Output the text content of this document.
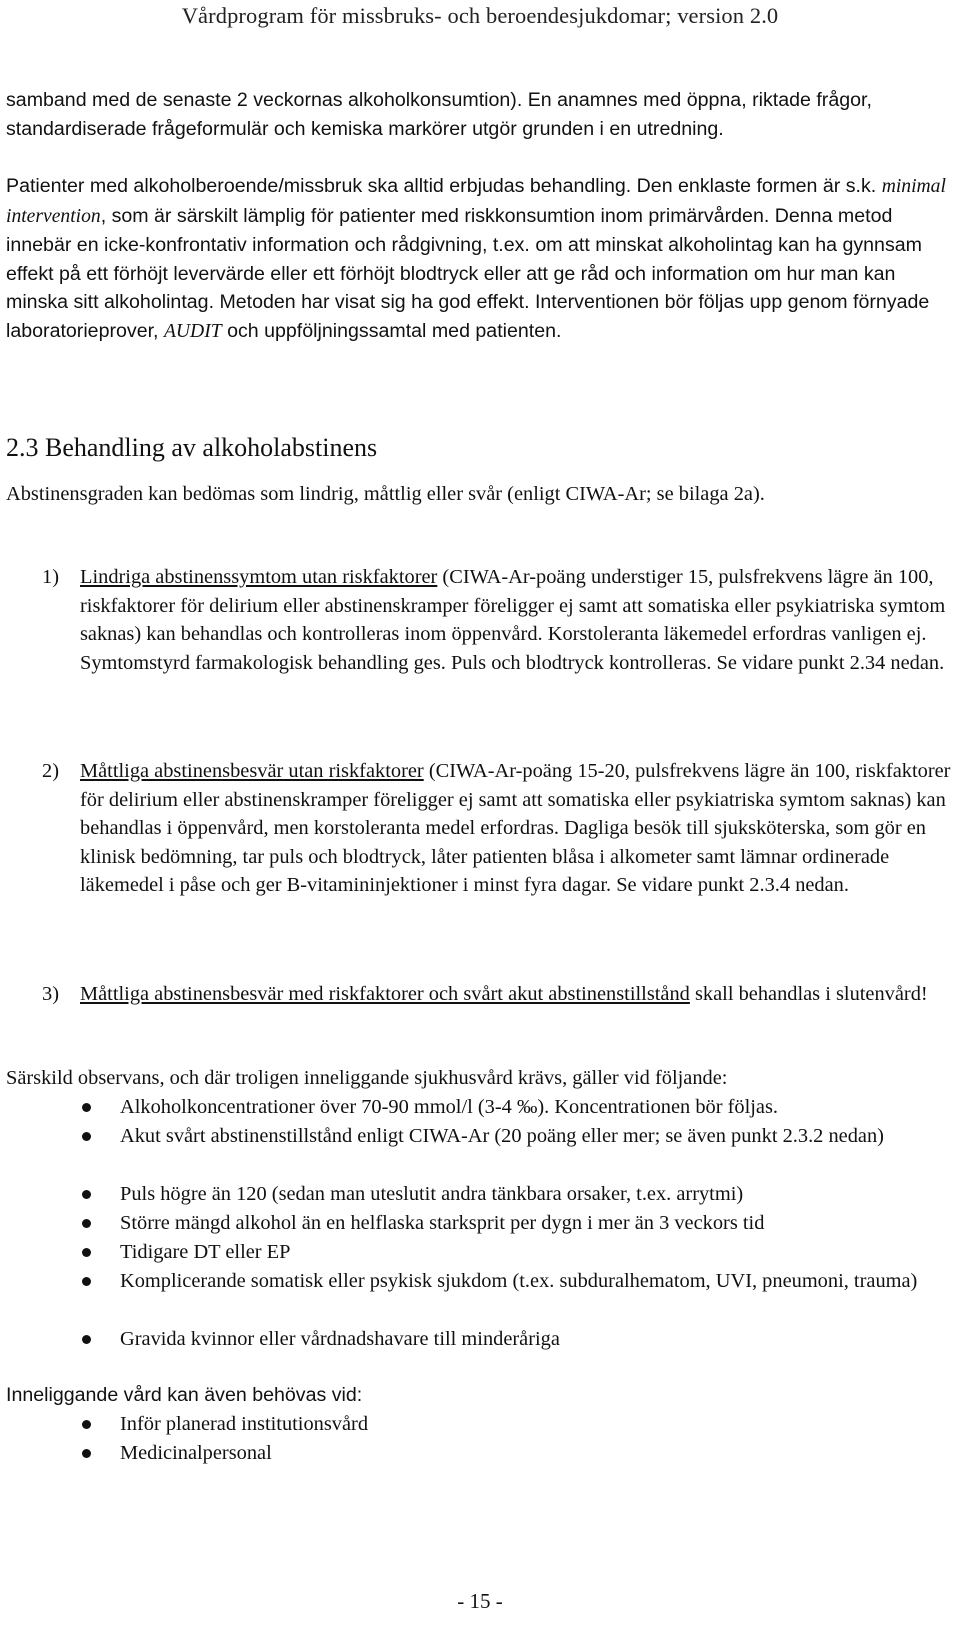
Vårdprogram för missbruks- och beroendesjukdomar; version 2.0
samband med de senaste 2 veckornas alkoholkonsumtion). En anamnes med öppna, riktade frågor, standardiserade frågeformulär och kemiska markörer utgör grunden i en utredning.
Patienter med alkoholberoende/missbruk ska alltid erbjudas behandling. Den enklaste formen är s.k. minimal intervention, som är särskilt lämplig för patienter med riskkonsumtion inom primärvården. Denna metod innebär en icke-konfrontativ information och rådgivning, t.ex. om att minskat alkoholintag kan ha gynnsam effekt på ett förhöjt levervärde eller ett förhöjt blodtryck eller att ge råd och information om hur man kan minska sitt alkoholintag. Metoden har visat sig ha god effekt. Interventionen bör följas upp genom förnyade laboratorieprover, AUDIT och uppföljningssamtal med patienten.
2.3 Behandling av alkoholabstinens
Abstinensgraden kan bedömas som lindrig, måttlig eller svår (enligt CIWA-Ar; se bilaga 2a).
1) Lindriga abstinenssymtom utan riskfaktorer (CIWA-Ar-poäng understiger 15, pulsfrekvens lägre än 100, riskfaktorer för delirium eller abstinenskramper föreligger ej samt att somatiska eller psykiatriska symtom saknas) kan behandlas och kontrolleras inom öppenvård. Korstoleranta läkemedel erfordras vanligen ej. Symtomstyrd farmakologisk behandling ges. Puls och blodtryck kontrolleras. Se vidare punkt 2.34 nedan.
2) Måttliga abstinensbesvär utan riskfaktorer (CIWA-Ar-poäng 15-20, pulsfrekvens lägre än 100, riskfaktorer för delirium eller abstinenskramper föreligger ej samt att somatiska eller psykiatriska symtom saknas) kan behandlas i öppenvård, men korstoleranta medel erfordras. Dagliga besök till sjuksköterska, som gör en klinisk bedömning, tar puls och blodtryck, låter patienten blåsa i alkometer samt lämnar ordinerade läkemedel i påse och ger B-vitamininjektioner i minst fyra dagar. Se vidare punkt 2.3.4 nedan.
3) Måttliga abstinensbesvär med riskfaktorer och svårt akut abstinenstillstånd skall behandlas i slutenvård!
Särskild observans, och där troligen inneliggande sjukhusvård krävs, gäller vid följande:
Alkoholkoncentrationer över 70-90 mmol/l (3-4 ‰). Koncentrationen bör följas.
Akut svårt abstinenstillstånd enligt CIWA-Ar (20 poäng eller mer; se även punkt 2.3.2 nedan)
Puls högre än 120 (sedan man uteslutit andra tänkbara orsaker, t.ex. arrytmi)
Större mängd alkohol än en helflaska starksprit per dygn i mer än 3 veckors tid
Tidigare DT eller EP
Komplicerande somatisk eller psykisk sjukdom (t.ex. subduralhematom, UVI, pneumoni, trauma)
Gravida kvinnor eller vårdnadshavare till minderåriga
Inneliggande vård kan även behövas vid:
Inför planerad institutionsvård
Medicinalpersonal
- 15 -
